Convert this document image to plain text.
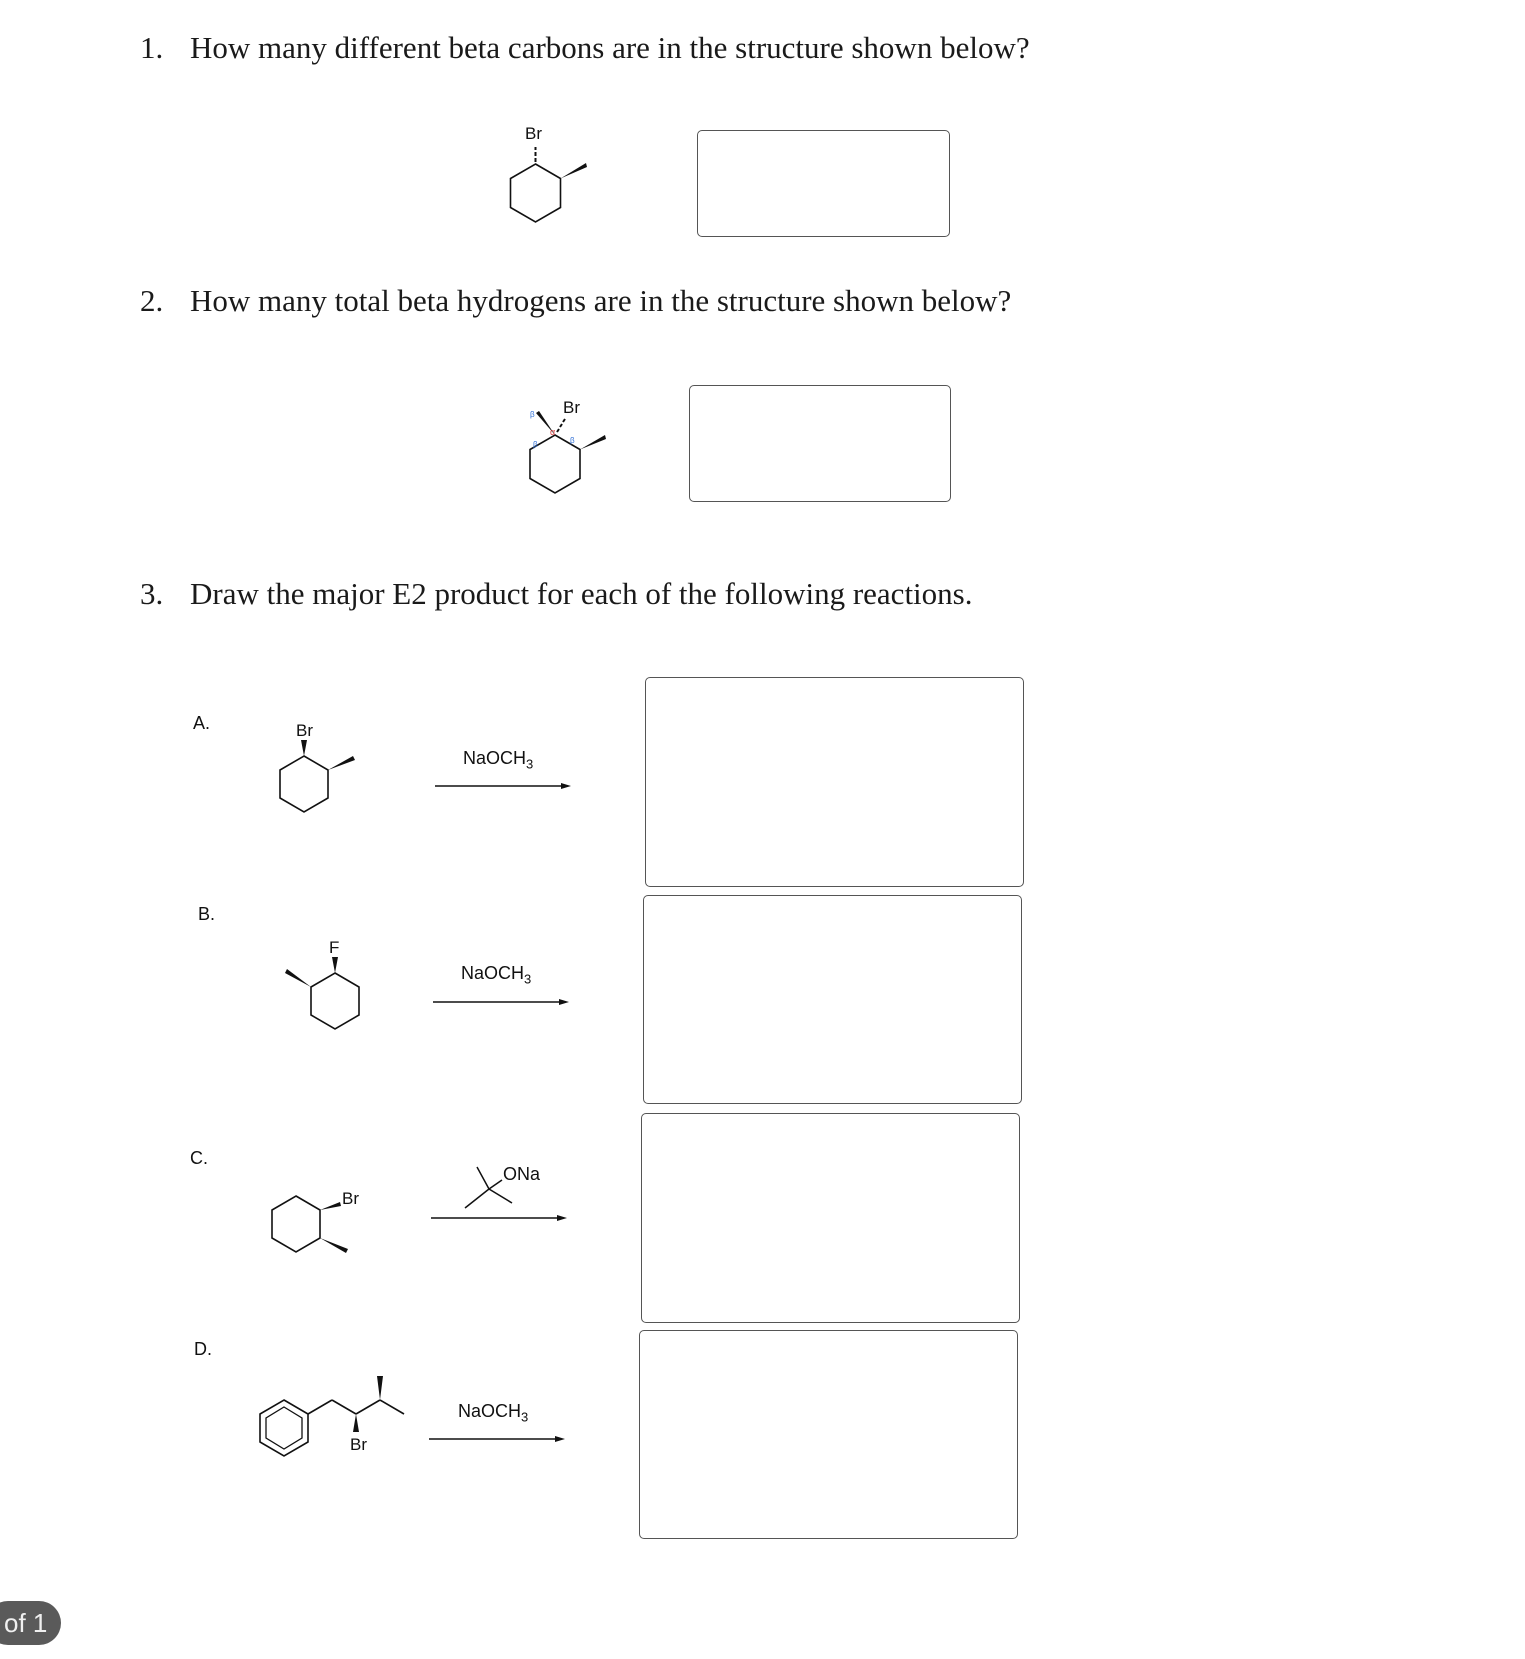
1. How many different beta carbons are in the structure shown below?
Br
2. How many total beta hydrogens are in the structure shown below?
Br
β
β	β
α
3. Draw the major E2 product for each of the following reactions.
A.	Br
NaOCH$_3$
B.
F
NaOCH$_3$
C.
Br
ONa
D.
Br
NaOCH$_3$
of 1
